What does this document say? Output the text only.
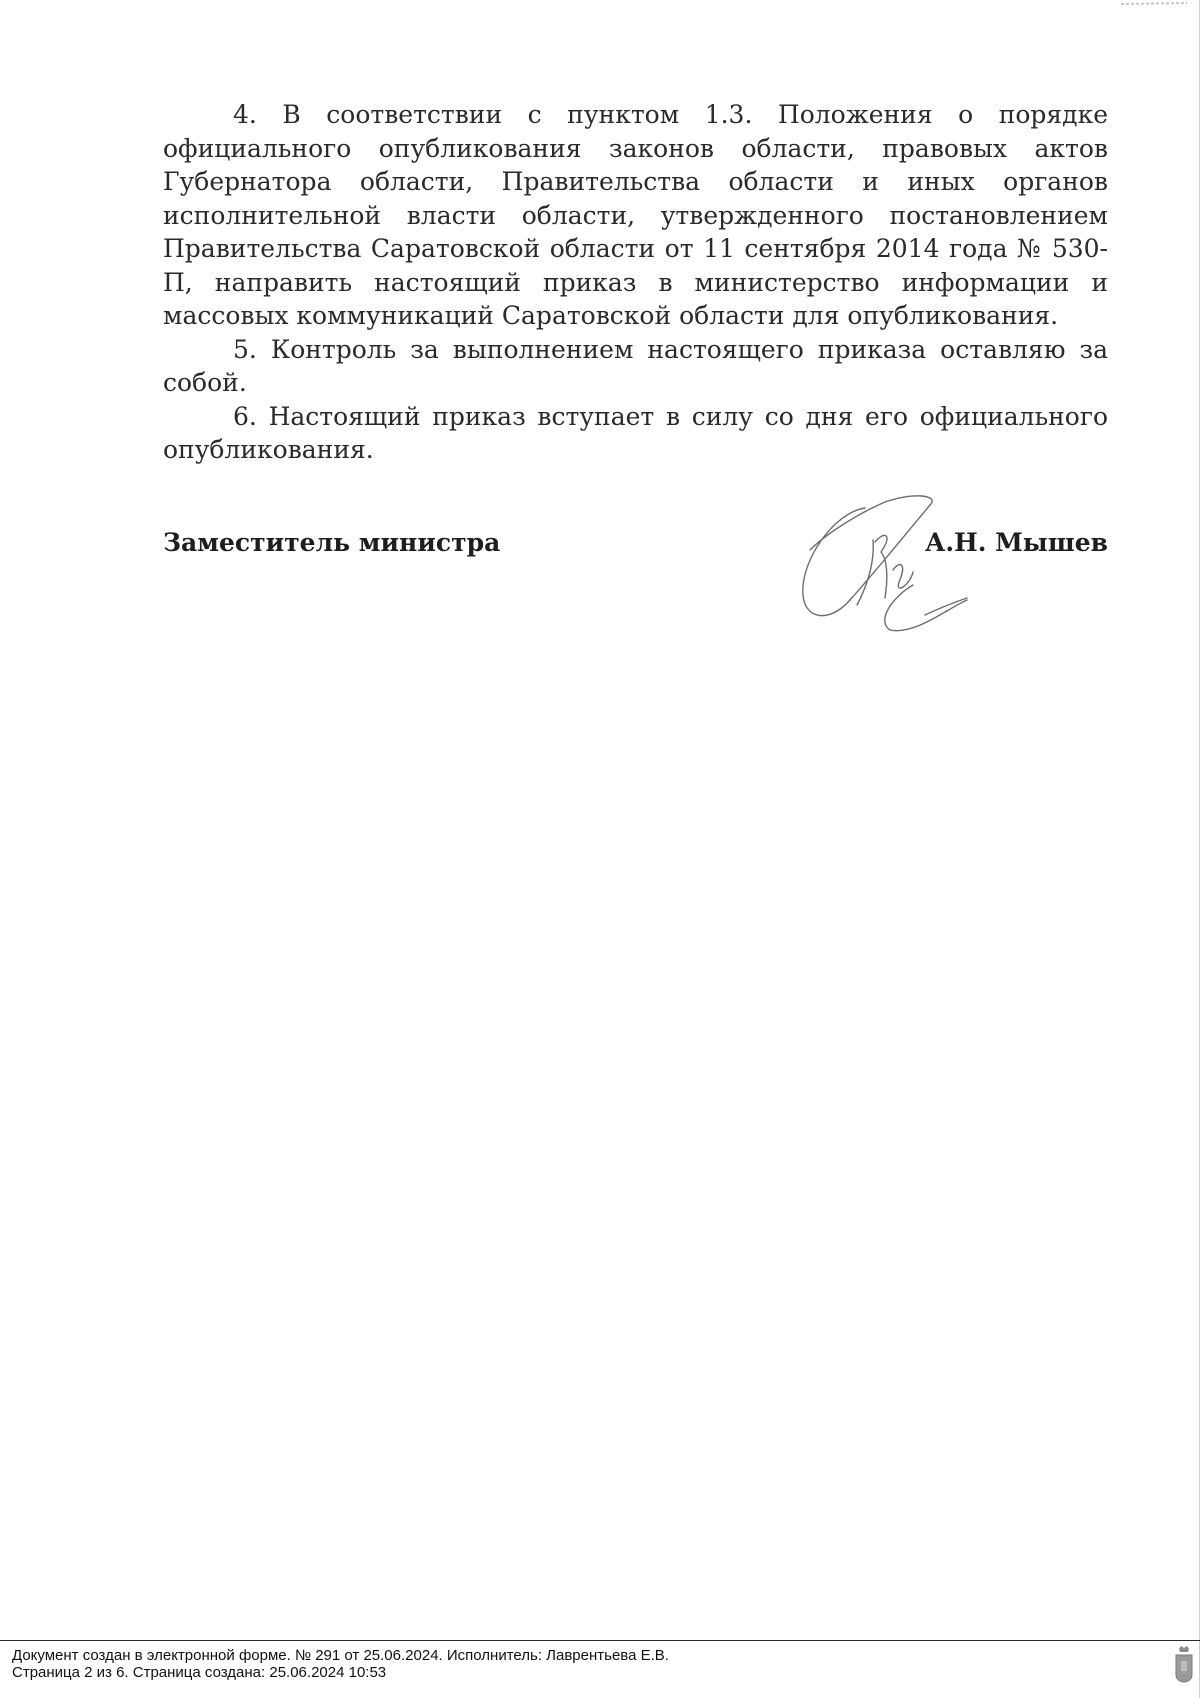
4. В соответствии с пунктом 1.3. Положения о порядке официального опубликования законов области, правовых актов Губернатора области, Правительства области и иных органов исполнительной власти области, утвержденного постановлением Правительства Саратовской области от 11 сентября 2014 года № 530-П, направить настоящий приказ в министерство информации и массовых коммуникаций Саратовской области для опубликования.

5. Контроль за выполнением настоящего приказа оставляю за собой.

6. Настоящий приказ вступает в силу со дня его официального опубликования.

Заместитель министра	А.Н. Мышев
Документ создан в электронной форме. № 291 от 25.06.2024. Исполнитель: Лаврентьева Е.В.
Страница 2 из 6. Страница создана: 25.06.2024 10:53
